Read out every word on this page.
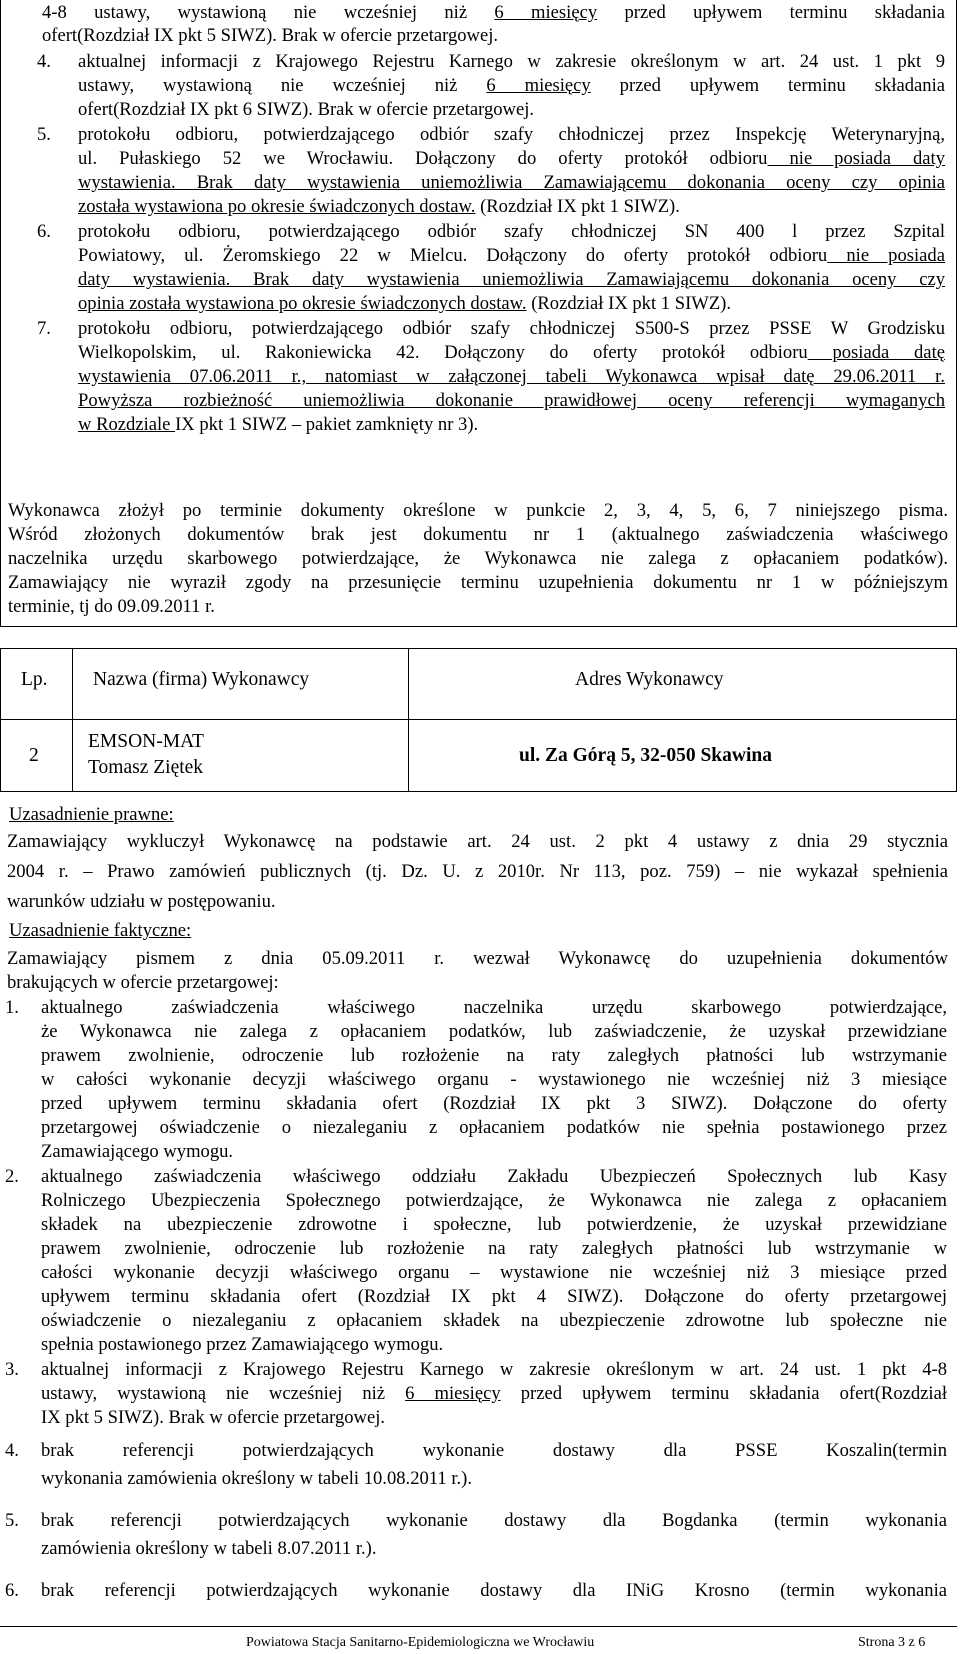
4-8 ustawy, wystawioną nie wcześniej niż 6 miesięcy przed upływem terminu składania
ofert(Rozdział IX pkt 5 SIWZ). Brak w ofercie przetargowej.
4. aktualnej informacji z Krajowego Rejestru Karnego w zakresie określonym w art. 24 ust. 1 pkt 9
ustawy, wystawioną nie wcześniej niż 6 miesięcy przed upływem terminu składania
ofert(Rozdział IX pkt 6 SIWZ). Brak w ofercie przetargowej.
5. protokołu odbioru, potwierdzającego odbiór szafy chłodniczej przez Inspekcję Weterynaryjną,
ul. Pułaskiego 52 we Wrocławiu. Dołączony do oferty protokół odbioru nie posiada daty
wystawienia. Brak daty wystawienia uniemożliwia Zamawiającemu dokonania oceny czy opinia
została wystawiona po okresie świadczonych dostaw. (Rozdział IX pkt 1 SIWZ).
6. protokołu odbioru, potwierdzającego odbiór szafy chłodniczej SN 400 l przez Szpital
Powiatowy, ul. Żeromskiego 22 w Mielcu. Dołączony do oferty protokół odbioru nie posiada
daty wystawienia. Brak daty wystawienia uniemożliwia Zamawiającemu dokonania oceny czy
opinia została wystawiona po okresie świadczonych dostaw. (Rozdział IX pkt 1 SIWZ).
7. protokołu odbioru, potwierdzającego odbiór szafy chłodniczej S500-S przez PSSE W Grodzisku
Wielkopolskim, ul. Rakoniewicka 42. Dołączony do oferty protokół odbioru posiada datę
wystawienia 07.06.2011 r., natomiast w załączonej tabeli Wykonawca wpisał datę 29.06.2011 r.
Powyższa rozbieżność uniemożliwia dokonanie prawidłowej oceny referencji wymaganych
w Rozdziale IX pkt 1 SIWZ – pakiet zamknięty nr 3).
Wykonawca złożył po terminie dokumenty określone w punkcie 2, 3, 4, 5, 6, 7 niniejszego pisma.
Wśród złożonych dokumentów brak jest dokumentu nr 1 (aktualnego zaświadczenia właściwego
naczelnika urzędu skarbowego potwierdzające, że Wykonawca nie zalega z opłacaniem podatków).
Zamawiający nie wyraził zgody na przesunięcie terminu uzupełnienia dokumentu nr 1 w późniejszym
terminie, tj do 09.09.2011 r.
Lp. Nazwa (firma) Wykonawcy	Adres Wykonawcy
2
EMSON-MAT
Tomasz Ziętek
ul. Za Górą 5, 32-050 Skawina
Uzasadnienie prawne:
Zamawiający wykluczył Wykonawcę na podstawie art. 24 ust. 2 pkt 4 ustawy z dnia 29 stycznia
2004 r. – Prawo zamówień publicznych (tj. Dz. U. z 2010r. Nr 113, poz. 759) – nie wykazał spełnienia
warunków udziału w postępowaniu.
Uzasadnienie faktyczne:
Zamawiający pismem z dnia 05.09.2011 r. wezwał Wykonawcę do uzupełnienia dokumentów
brakujących w ofercie przetargowej:
1. aktualnego zaświadczenia właściwego naczelnika urzędu skarbowego potwierdzające,
że Wykonawca nie zalega z opłacaniem podatków, lub zaświadczenie, że uzyskał przewidziane
prawem zwolnienie, odroczenie lub rozłożenie na raty zaległych płatności lub wstrzymanie
w całości wykonanie decyzji właściwego organu - wystawionego nie wcześniej niż 3 miesiące
przed upływem terminu składania ofert (Rozdział IX pkt 3 SIWZ). Dołączone do oferty
przetargowej oświadczenie o niezaleganiu z opłacaniem podatków nie spełnia postawionego przez
Zamawiającego wymogu.
2. aktualnego zaświadczenia właściwego oddziału Zakładu Ubezpieczeń Społecznych lub Kasy
Rolniczego Ubezpieczenia Społecznego potwierdzające, że Wykonawca nie zalega z opłacaniem
składek na ubezpieczenie zdrowotne i społeczne, lub potwierdzenie, że uzyskał przewidziane
prawem zwolnienie, odroczenie lub rozłożenie na raty zaległych płatności lub wstrzymanie w
całości wykonanie decyzji właściwego organu – wystawione nie wcześniej niż 3 miesiące przed
upływem terminu składania ofert (Rozdział IX pkt 4 SIWZ). Dołączone do oferty przetargowej
oświadczenie o niezaleganiu z opłacaniem składek na ubezpieczenie zdrowotne lub społeczne nie
spełnia postawionego przez Zamawiającego wymogu.
3. aktualnej informacji z Krajowego Rejestru Karnego w zakresie określonym w art. 24 ust. 1 pkt 4-8
ustawy, wystawioną nie wcześniej niż 6 miesięcy przed upływem terminu składania ofert(Rozdział
IX pkt 5 SIWZ). Brak w ofercie przetargowej.
4. brak referencji potwierdzających wykonanie dostawy dla PSSE Koszalin(termin
wykonania zamówienia określony w tabeli 10.08.2011 r.).
5. brak referencji potwierdzających wykonanie dostawy dla Bogdanka (termin wykonania
zamówienia określony w tabeli 8.07.2011 r.).
6. brak referencji potwierdzających wykonanie dostawy dla INiG Krosno (termin wykonania
Powiatowa Stacja Sanitarno-Epidemiologiczna we Wrocławiu	Strona 3 z 6
